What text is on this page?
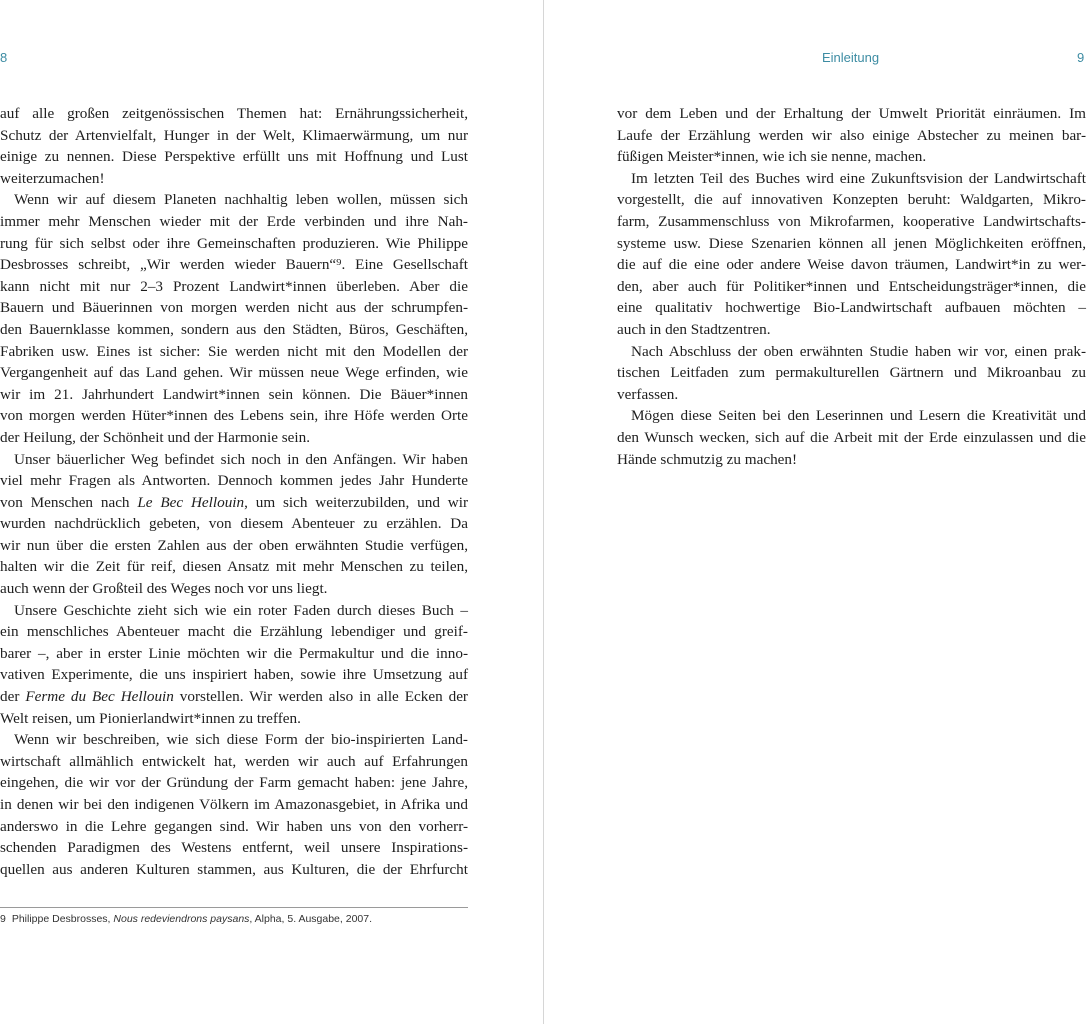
8	Einleitung	9
auf alle großen zeitgenössischen Themen hat: Ernährungssicherheit,
Schutz der Artenvielfalt, Hunger in der Welt, Klimaerwärmung, um nur
einige zu nennen. Diese Perspektive erfüllt uns mit Hoffnung und Lust
weiterzumachen!
Wenn wir auf diesem Planeten nachhaltig leben wollen, müssen sich
immer mehr Menschen wieder mit der Erde verbinden und ihre Nah-
rung für sich selbst oder ihre Gemeinschaften produzieren. Wie Philippe
Desbrosses schreibt, „Wir werden wieder Bauern“⁹. Eine Gesellschaft
kann nicht mit nur 2–3 Prozent Landwirt*innen überleben. Aber die
Bauern und Bäuerinnen von morgen werden nicht aus der schrumpfen-
den Bauernklasse kommen, sondern aus den Städten, Büros, Geschäften,
Fabriken usw. Eines ist sicher: Sie werden nicht mit den Modellen der
Vergangenheit auf das Land gehen. Wir müssen neue Wege erfinden, wie
wir im 21. Jahrhundert Landwirt*innen sein können. Die Bäuer*innen
von morgen werden Hüter*innen des Lebens sein, ihre Höfe werden Orte
der Heilung, der Schönheit und der Harmonie sein.
Unser bäuerlicher Weg befindet sich noch in den Anfängen. Wir haben
viel mehr Fragen als Antworten. Dennoch kommen jedes Jahr Hunderte
von Menschen nach Le Bec Hellouin, um sich weiterzubilden, und wir
wurden nachdrücklich gebeten, von diesem Abenteuer zu erzählen. Da
wir nun über die ersten Zahlen aus der oben erwähnten Studie verfügen,
halten wir die Zeit für reif, diesen Ansatz mit mehr Menschen zu teilen,
auch wenn der Großteil des Weges noch vor uns liegt.
Unsere Geschichte zieht sich wie ein roter Faden durch dieses Buch –
ein menschliches Abenteuer macht die Erzählung lebendiger und greif-
barer –, aber in erster Linie möchten wir die Permakultur und die inno-
vativen Experimente, die uns inspiriert haben, sowie ihre Umsetzung auf
der Ferme du Bec Hellouin vorstellen. Wir werden also in alle Ecken der
Welt reisen, um Pionierlandwirt*innen zu treffen.
Wenn wir beschreiben, wie sich diese Form der bio-inspirierten Land-
wirtschaft allmählich entwickelt hat, werden wir auch auf Erfahrungen
eingehen, die wir vor der Gründung der Farm gemacht haben: jene Jahre,
in denen wir bei den indigenen Völkern im Amazonasgebiet, in Afrika und
anderswo in die Lehre gegangen sind. Wir haben uns von den vorherr-
schenden Paradigmen des Westens entfernt, weil unsere Inspirations-
quellen aus anderen Kulturen stammen, aus Kulturen, die der Ehrfurcht
vor dem Leben und der Erhaltung der Umwelt Priorität einräumen. Im
Laufe der Erzählung werden wir also einige Abstecher zu meinen bar-
füßigen Meister*innen, wie ich sie nenne, machen.
Im letzten Teil des Buches wird eine Zukunftsvision der Landwirtschaft
vorgestellt, die auf innovativen Konzepten beruht: Waldgarten, Mikro-
farm, Zusammenschluss von Mikrofarmen, kooperative Landwirtschafts-
systeme usw. Diese Szenarien können all jenen Möglichkeiten eröffnen,
die auf die eine oder andere Weise davon träumen, Landwirt*in zu wer-
den, aber auch für Politiker*innen und Entscheidungsträger*innen, die
eine qualitativ hochwertige Bio-Landwirtschaft aufbauen möchten –
auch in den Stadtzentren.
Nach Abschluss der oben erwähnten Studie haben wir vor, einen prak-
tischen Leitfaden zum permakulturellen Gärtnern und Mikroanbau zu
verfassen.
Mögen diese Seiten bei den Leserinnen und Lesern die Kreativität und
den Wunsch wecken, sich auf die Arbeit mit der Erde einzulassen und die
Hände schmutzig zu machen!
9 Philippe Desbrosses, Nous redeviendrons paysans, Alpha, 5. Ausgabe, 2007.
